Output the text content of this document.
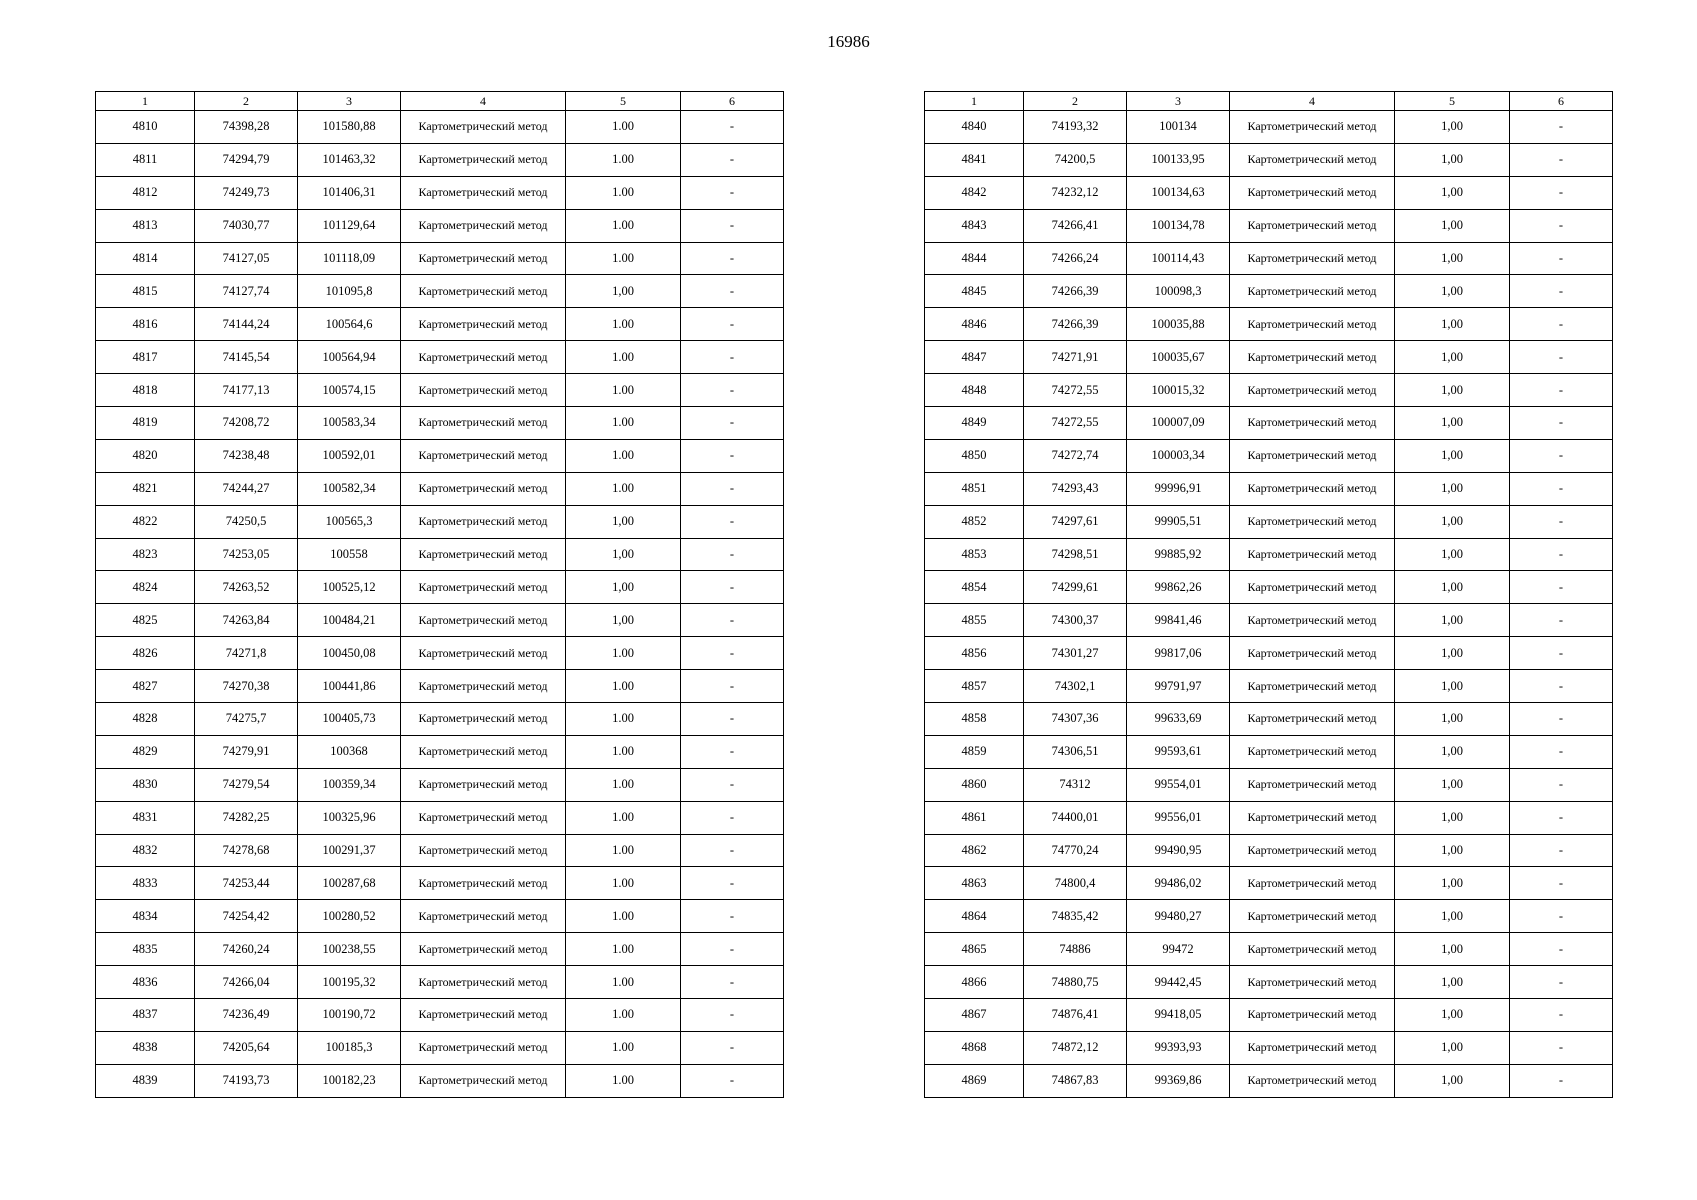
16986
1	2	3	4	5	6
4810	74398,28	101580,88	Картометрический метод	1.00	-
4811	74294,79	101463,32	Картометрический метод	1.00	-
4812	74249,73	101406,31	Картометрический метод	1.00	-
4813	74030,77	101129,64	Картометрический метод	1.00	-
4814	74127,05	101118,09	Картометрический метод	1.00	-
4815	74127,74	101095,8	Картометрический метод	1,00	-
4816	74144,24	100564,6	Картометрический метод	1.00	-
4817	74145,54	100564,94	Картометрический метод	1.00	-
4818	74177,13	100574,15	Картометрический метод	1.00	-
4819	74208,72	100583,34	Картометрический метод	1.00	-
4820	74238,48	100592,01	Картометрический метод	1.00	-
4821	74244,27	100582,34	Картометрический метод	1.00	-
4822	74250,5	100565,3	Картометрический метод	1,00	-
4823	74253,05	100558	Картометрический метод	1,00	-
4824	74263,52	100525,12	Картометрический метод	1,00	-
4825	74263,84	100484,21	Картометрический метод	1,00	-
4826	74271,8	100450,08	Картометрический метод	1.00	-
4827	74270,38	100441,86	Картометрический метод	1.00	-
4828	74275,7	100405,73	Картометрический метод	1.00	-
4829	74279,91	100368	Картометрический метод	1.00	-
4830	74279,54	100359,34	Картометрический метод	1.00	-
4831	74282,25	100325,96	Картометрический метод	1.00	-
4832	74278,68	100291,37	Картометрический метод	1.00	-
4833	74253,44	100287,68	Картометрический метод	1.00	-
4834	74254,42	100280,52	Картометрический метод	1.00	-
4835	74260,24	100238,55	Картометрический метод	1.00	-
4836	74266,04	100195,32	Картометрический метод	1.00	-
4837	74236,49	100190,72	Картометрический метод	1.00	-
4838	74205,64	100185,3	Картометрический метод	1.00	-
4839	74193,73	100182,23	Картометрический метод	1.00	-
1	2	3	4	5	6
4840	74193,32	100134	Картометрический метод	1,00	-
4841	74200,5	100133,95	Картометрический метод	1,00	-
4842	74232,12	100134,63	Картометрический метод	1,00	-
4843	74266,41	100134,78	Картометрический метод	1,00	-
4844	74266,24	100114,43	Картометрический метод	1,00	-
4845	74266,39	100098,3	Картометрический метод	1,00	-
4846	74266,39	100035,88	Картометрический метод	1,00	-
4847	74271,91	100035,67	Картометрический метод	1,00	-
4848	74272,55	100015,32	Картометрический метод	1,00	-
4849	74272,55	100007,09	Картометрический метод	1,00	-
4850	74272,74	100003,34	Картометрический метод	1,00	-
4851	74293,43	99996,91	Картометрический метод	1,00	-
4852	74297,61	99905,51	Картометрический метод	1,00	-
4853	74298,51	99885,92	Картометрический метод	1,00	-
4854	74299,61	99862,26	Картометрический метод	1,00	-
4855	74300,37	99841,46	Картометрический метод	1,00	-
4856	74301,27	99817,06	Картометрический метод	1,00	-
4857	74302,1	99791,97	Картометрический метод	1,00	-
4858	74307,36	99633,69	Картометрический метод	1,00	-
4859	74306,51	99593,61	Картометрический метод	1,00	-
4860	74312	99554,01	Картометрический метод	1,00	-
4861	74400,01	99556,01	Картометрический метод	1,00	-
4862	74770,24	99490,95	Картометрический метод	1,00	-
4863	74800,4	99486,02	Картометрический метод	1,00	-
4864	74835,42	99480,27	Картометрический метод	1,00	-
4865	74886	99472	Картометрический метод	1,00	-
4866	74880,75	99442,45	Картометрический метод	1,00	-
4867	74876,41	99418,05	Картометрический метод	1,00	-
4868	74872,12	99393,93	Картометрический метод	1,00	-
4869	74867,83	99369,86	Картометрический метод	1,00	-
